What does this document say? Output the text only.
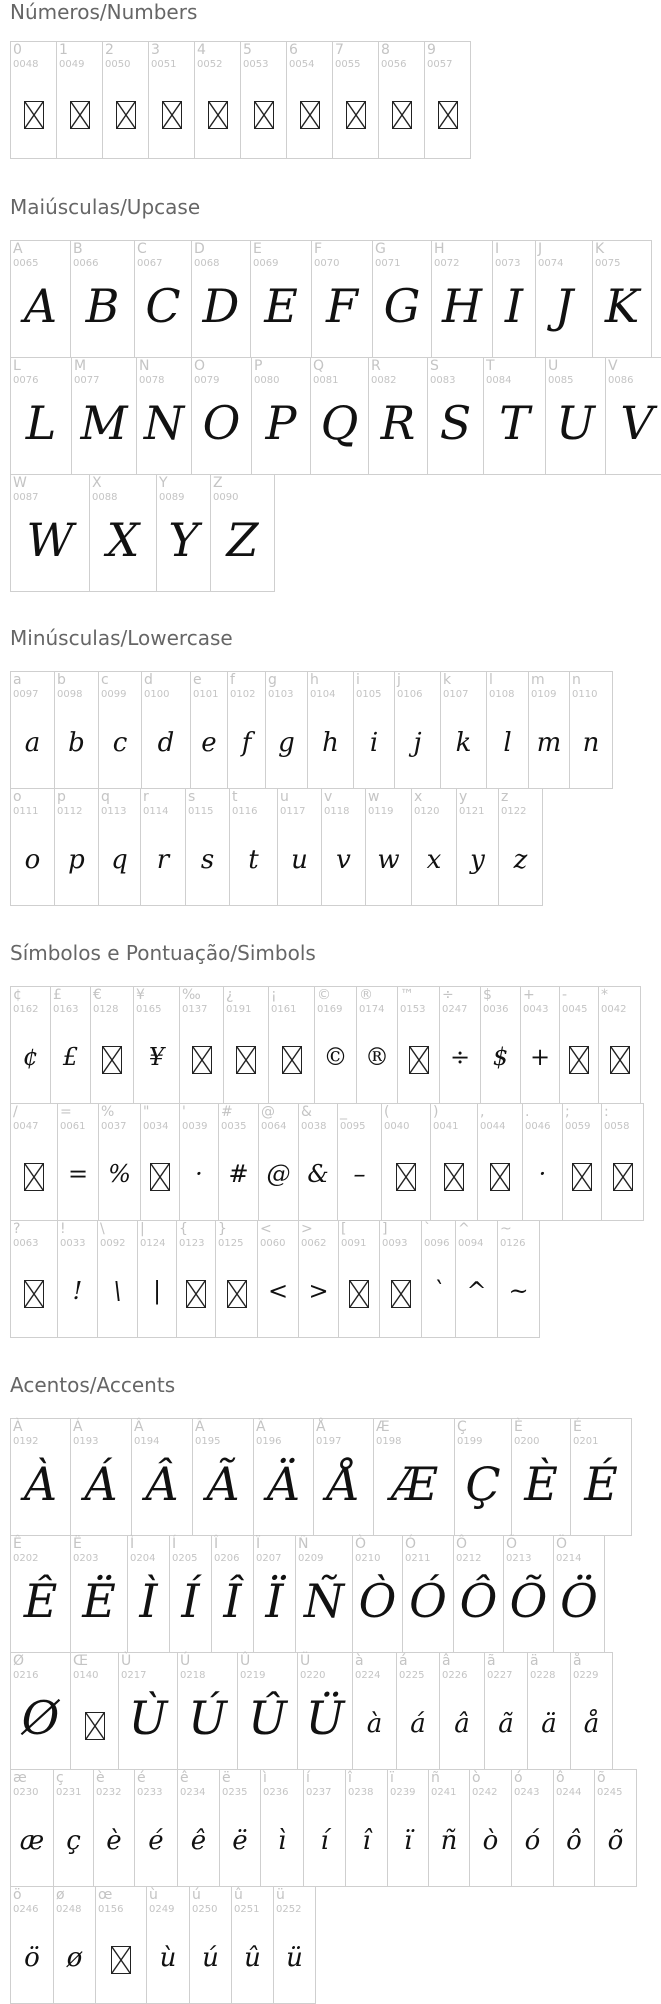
Números/Numbers
0
0048
1
0049
2
0050
3
0051
4
0052
5
0053
6
0054
7
0055
8
0056
9
0057
Maiúsculas/Upcase
A
0065
A
B
0066
B
C
0067
C
D
0068
D
E
0069
E
F
0070
F
G
0071
G
H
0072
H
I
0073
I
J
0074
J
K
0075
K
L
0076
L
M
0077
M
N
0078
N
O
0079
O
P
0080
P
Q
0081
Q
R
0082
R
S
0083
S
T
0084
T
U
0085
U
V
0086
V
W
0087
W
X
0088
X
Y
0089
Y
Z
0090
Z
Minúsculas/Lowercase
a
0097
a
b
0098
b
c
0099
c
d
0100
d
e
0101
e
f
0102
f
g
0103
g
h
0104
h
i
0105
i
j
0106
j
k
0107
k
l
0108
l
m
0109
m
n
0110
n
o
0111
o
p
0112
p
q
0113
q
r
0114
r
s
0115
s
t
0116
t
u
0117
u
v
0118
v
w
0119
w
x
0120
x
y
0121
y
z
0122
z
Símbolos e Pontuação/Simbols
¢
0162
¢
£
0163
£
€
0128
¥
0165
¥
‰
0137
¿
0191
¡
0161
©
0169
©
®
0174
®
™
0153
÷
0247
÷
$
0036
$
+
0043
+
-
0045
*
0042
/
0047
=
0061
=
%
0037
%
"
0034
'
0039
·
#
0035
#
@
0064
@
&
0038
&
_
0095
–
(
0040
)
0041
,
0044
.
0046
·
;
0059
:
0058
?
0063
!
0033
!
\
0092
\
|
0124
|
{
0123
}
0125
<
0060
<
>
0062
>
[
0091
]
0093
`
0096
`
^
0094
^
~
0126
~
Acentos/Accents
À
0192
À
Á
0193
Á
Â
0194
Â
Ã
0195
Ã
Ä
0196
Ä
Å
0197
Å
Æ
0198
Æ
Ç
0199
Ç
È
0200
È
É
0201
É
Ê
0202
Ê
Ë
0203
Ë
Ì
0204
Ì
Í
0205
Í
Î
0206
Î
Ï
0207
Ï
Ñ
0209
Ñ
Ò
0210
Ò
Ó
0211
Ó
Ô
0212
Ô
Õ
0213
Õ
Ö
0214
Ö
Ø
0216
Ø
Œ
0140
Ù
0217
Ù
Ú
0218
Ú
Û
0219
Û
Ü
0220
Ü
à
0224
à
á
0225
á
â
0226
â
ã
0227
ã
ä
0228
ä
å
0229
å
æ
0230
æ
ç
0231
ç
è
0232
è
é
0233
é
ê
0234
ê
ë
0235
ë
ì
0236
ì
í
0237
í
î
0238
î
ï
0239
ï
ñ
0241
ñ
ò
0242
ò
ó
0243
ó
ô
0244
ô
õ
0245
õ
ö
0246
ö
ø
0248
ø
œ
0156
ù
0249
ù
ú
0250
ú
û
0251
û
ü
0252
ü
